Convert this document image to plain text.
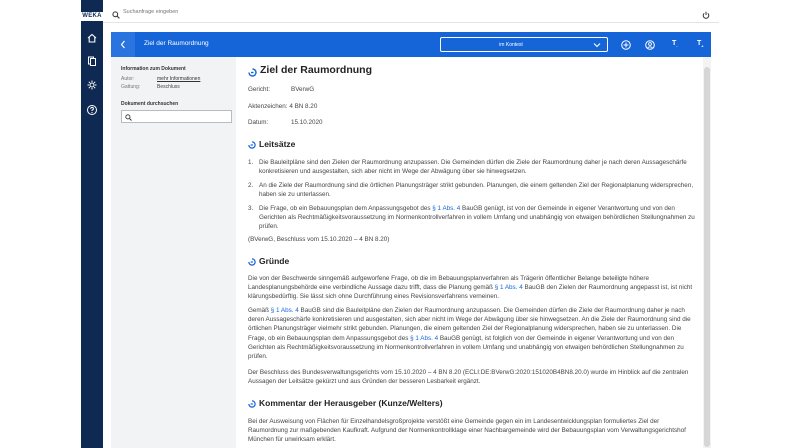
WEKA
Suchanfrage eingeben
Ziel der Raumordnung	im Kontext	$T_-$	$T_+$
Information zum Dokument
Autor:	mehr Informationen
Gattung:	Beschluss
Dokument durchsuchen
Ziel der Raumordnung
Gericht:	BVerwG
Aktenzeichen: 4 BN 8.20
Datum:	15.10.2020
Leitsätze
1. Die Bauleitpläne sind den Zielen der Raumordnung anzupassen. Die Gemeinden dürfen die Ziele der Raumordnung daher je nach deren Aussageschärfe konkretisieren und ausgestalten, sich aber nicht im Wege der Abwägung über sie hinwegsetzen.
2. An die Ziele der Raumordnung sind die örtlichen Planungsträger strikt gebunden. Planungen, die einem geltenden Ziel der Regionalplanung widersprechen, haben sie zu unterlassen.
3. Die Frage, ob ein Bebauungsplan dem Anpassungsgebot des § 1 Abs. 4 BauGB genügt, ist von der Gemeinde in eigener Verantwortung und von den Gerichten als Rechtmäßigkeitsvoraussetzung im Normenkontrollverfahren in vollem Umfang und unabhängig von etwaigen behördlichen Stellungnahmen zu prüfen.
(BVerwG, Beschluss vom 15.10.2020 – 4 BN 8.20)
Gründe
Die von der Beschwerde sinngemäß aufgeworfene Frage, ob die im Bebauungsplanverfahren als Trägerin öffentlicher Belange beteiligte höhere Landesplanungsbehörde eine verbindliche Aussage dazu trifft, dass die Planung gemäß § 1 Abs. 4 BauGB den Zielen der Raumordnung angepasst ist, ist nicht klärungsbedürftig. Sie lässt sich ohne Durchführung eines Revisionsverfahrens verneinen.
Gemäß § 1 Abs. 4 BauGB sind die Bauleitpläne den Zielen der Raumordnung anzupassen. Die Gemeinden dürfen die Ziele der Raumordnung daher je nach deren Aussageschärfe konkretisieren und ausgestalten, sich aber nicht im Wege der Abwägung über sie hinwegsetzen. An die Ziele der Raumordnung sind die örtlichen Planungsträger vielmehr strikt gebunden. Planungen, die einem geltenden Ziel der Regionalplanung widersprechen, haben sie zu unterlassen. Die Frage, ob ein Bebauungsplan dem Anpassungsgebot des § 1 Abs. 4 BauGB genügt, ist folglich von der Gemeinde in eigener Verantwortung und von den Gerichten als Rechtmäßigkeitsvoraussetzung im Normenkontrollverfahren in vollem Umfang und unabhängig von etwaigen behördlichen Stellungnahmen zu prüfen.
Der Beschluss des Bundesverwaltungsgerichts vom 15.10.2020 – 4 BN 8.20 (ECLI:DE:BVerwG:2020:151020B4BN8.20.0) wurde im Hinblick auf die zentralen Aussagen der Leitsätze gekürzt und aus Gründen der besseren Lesbarkeit ergänzt.
Kommentar der Herausgeber (Kunze/Welters)
Bei der Ausweisung von Flächen für Einzelhandelsgroßprojekte verstößt eine Gemeinde gegen ein im Landesentwicklungsplan formuliertes Ziel der Raumordnung zur maßgebenden Kaufkraft. Aufgrund der Normenkontrollklage einer Nachbargemeinde wird der Bebauungsplan vom Verwaltungsgerichtshof München für unwirksam erklärt.
